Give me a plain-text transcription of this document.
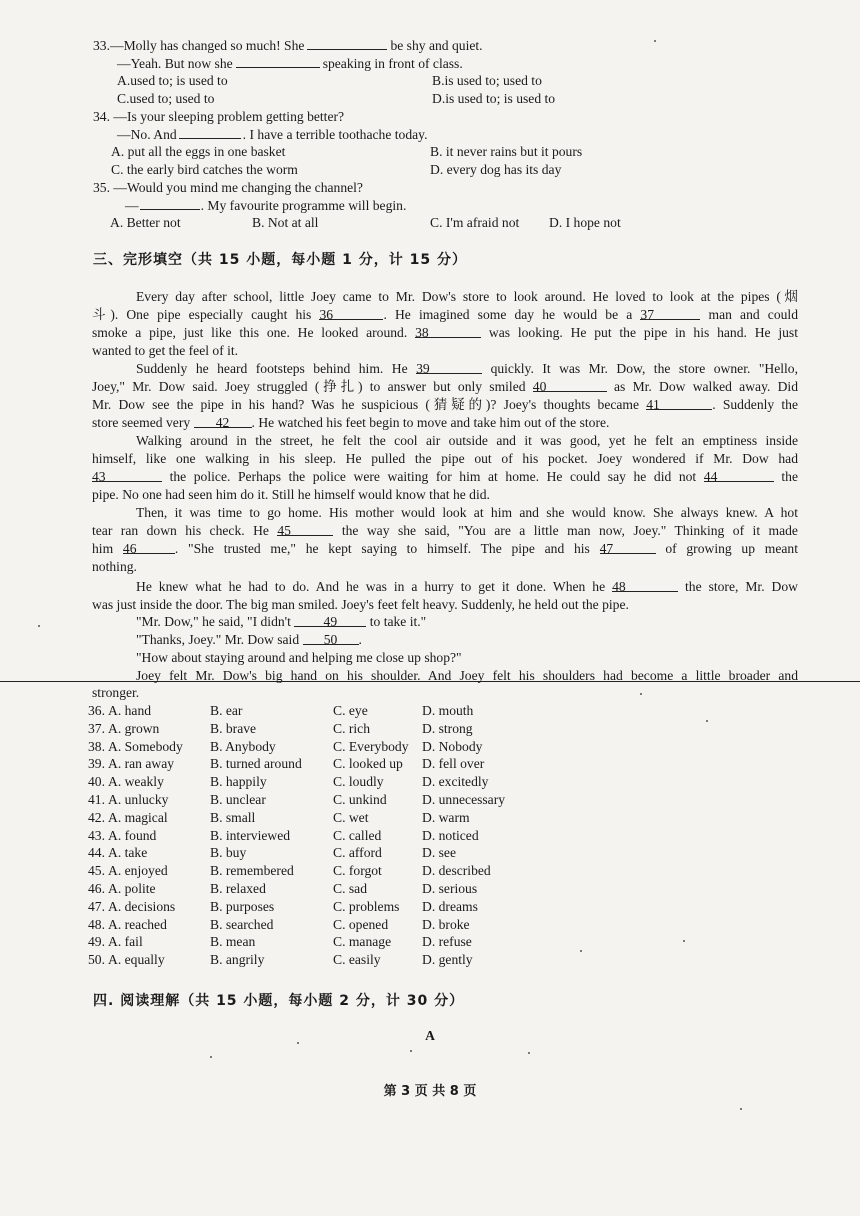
33.—Molly has changed so much! She	be shy and quiet.
—Yeah. But now she	speaking in front of class.
A.used to; is used to	B.is used to; used to
C.used to; used to	D.is used to; is used to
34. —Is your sleeping problem getting better?
—No. And	. I have a terrible toothache today.
A. put all the eggs in one basket	B. it never rains but it pours
C. the early bird catches the worm	D. every dog has its day
35. —Would you mind me changing the channel?
—	. My favourite programme will begin.
A. Better not	B. Not at all	C. I'm afraid not D. I hope not
三、完形填空（共 15 小题，每小题 1 分，计 15 分）
Every day after school, little Joey came to Mr. Dow's store to look around. He loved to look at the pipes (烟
斗). One pipe especially caught his 36	. He imagined some day he would be a 37	man and could
smoke a pipe, just like this one. He looked around. 38	was looking. He put the pipe in his hand. He just
wanted to get the feel of it.
Suddenly he heard footsteps behind him. He 39	quickly. It was Mr. Dow, the store owner. "Hello,
Joey," Mr. Dow said. Joey struggled (挣扎) to answer but only smiled 40	as Mr. Dow walked away. Did
Mr. Dow see the pipe in his hand? Was he suspicious (猜疑的)? Joey's thoughts became 41	. Suddenly the
store seemed very 42 . He watched his feet begin to move and take him out of the store.
Walking around in the street, he felt the cool air outside and it was good, yet he felt an emptiness inside
himself, like one walking in his sleep. He pulled the pipe out of his pocket. Joey wondered if Mr. Dow had
43	the police. Perhaps the police were waiting for him at home. He could say he did not 44	the
pipe. No one had seen him do it. Still he himself would know that he did.
Then, it was time to go home. His mother would look at him and she would know. She always knew. A hot
tear ran down his check. He 45	the way she said, "You are a little man now, Joey." Thinking of it made
him 46	. "She trusted me," he kept saying to himself. The pipe and his 47	of growing up meant
nothing.
He knew what he had to do. And he was in a hurry to get it done. When he 48	the store, Mr. Dow
was just inside the door. The big man smiled. Joey's feet felt heavy. Suddenly, he held out the pipe.
"Mr. Dow," he said, "I didn't 49 to take it."
"Thanks, Joey." Mr. Dow said 50 .
"How about staying around and helping me close up shop?"
Joey felt Mr. Dow's big hand on his shoulder. And Joey felt his shoulders had become a little broader and
stronger.
36. A. hand	B. ear	C. eye	D. mouth
37. A. grown	B. brave	C. rich	D. strong
38. A. Somebody B. Anybody	C. Everybody D. Nobody
39. A. ran away	B. turned around C. looked up D. fell over
40. A. weakly	B. happily	C. loudly	D. excitedly
41. A. unlucky	B. unclear	C. unkind	D. unnecessary
42. A. magical	B. small	C. wet	D. warm
43. A. found	B. interviewed	C. called	D. noticed
44. A. take	B. buy	C. afford	D. see
45. A. enjoyed	B. remembered	C. forgot	D. described
46. A. polite	B. relaxed	C. sad	D. serious
47. A. decisions	B. purposes	C. problems D. dreams
48. A. reached	B. searched	C. opened D. broke
49. A. fail	B. mean	C. manage D. refuse
50. A. equally	B. angrily	C. easily	D. gently
四. 阅读理解（共 15 小题，每小题 2 分，计 30 分）
A
第 3 页 共 8 页
